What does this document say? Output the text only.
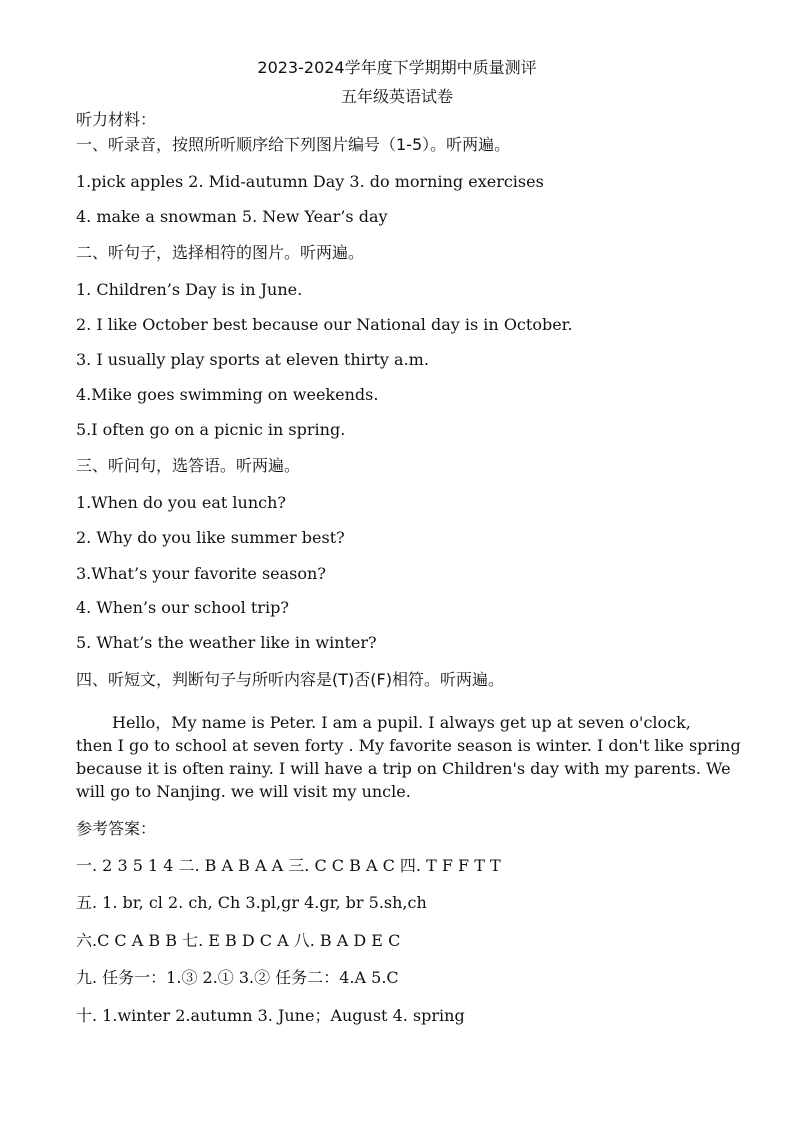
2023-2024学年度下学期期中质量测评
五年级英语试卷
听力材料：
一、听录音，按照所听顺序给下列图片编号（1-5）。听两遍。
1.pick apples 2. Mid-autumn Day 3. do morning exercises
4. make a snowman 5. New Year’s day
二、听句子，选择相符的图片。听两遍。
1. Children’s Day is in June.
2. I like October best because our National day is in October.
3. I usually play sports at eleven thirty a.m.
4.Mike goes swimming on weekends.
5.I often go on a picnic in spring.
三、听问句，选答语。听两遍。
1.When do you eat lunch?
2. Why do you like summer best?
3.What’s your favorite season?
4. When’s our school trip?
5. What’s the weather like in winter?
四、听短文，判断句子与所听内容是(T)否(F)相符。听两遍。

Hello，My name is Peter. I am a pupil. I always get up at seven o'clock,

then I go to school at seven forty . My favorite season is winter. I don't like spring

because it is often rainy. I will have a trip on Children's day with my parents. We

will go to Nanjing. we will visit my uncle.

参考答案：
一. 2 3 5 1 4 二. B A B A A 三. C C B A C 四. T F F T T
五. 1. br, cl 2. ch, Ch 3.pl,gr 4.gr, br 5.sh,ch
六.C C A B B 七. E B D C A 八. B A D E C
九. 任务一：1.③ 2.① 3.② 任务二：4.A 5.C
十. 1.winter 2.autumn 3. June；August 4. spring
